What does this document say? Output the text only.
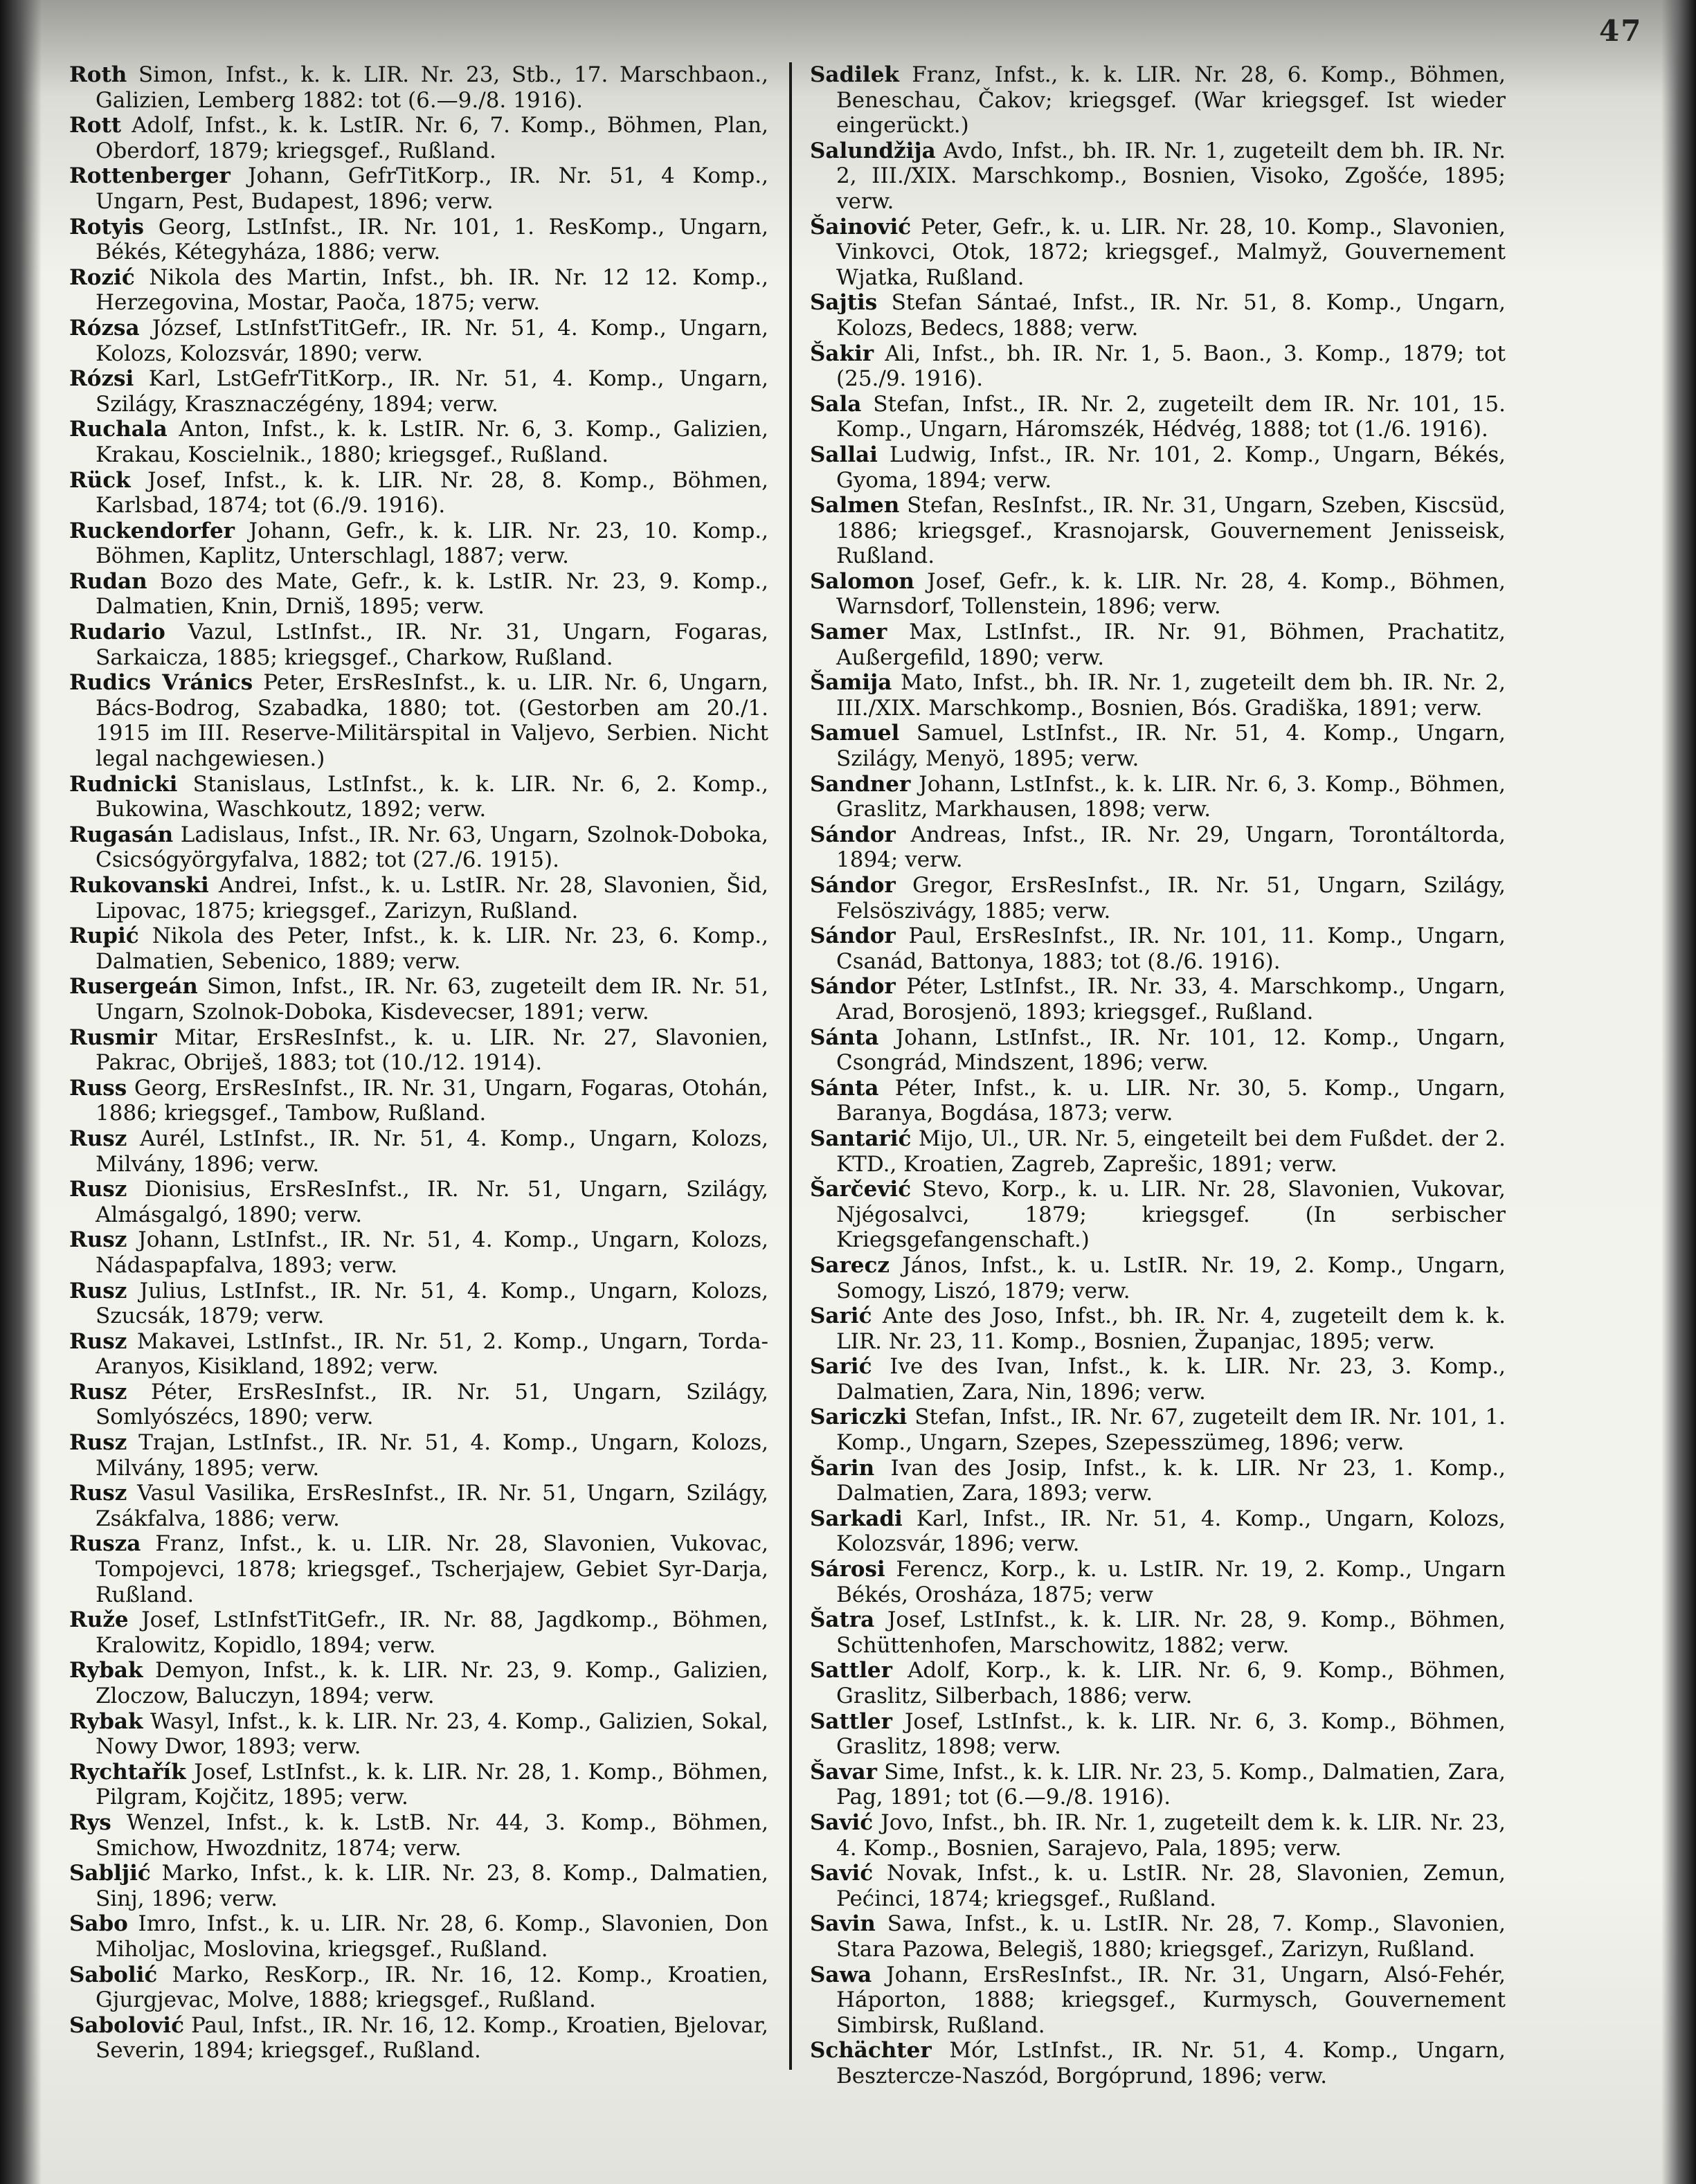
47

Roth Simon, Infst., k. k. LIR. Nr. 23, Stb., 17. Marschbaon., Galizien, Lemberg 1882: tot (6.—9./8. 1916).

Rott Adolf, Infst., k. k. LstIR. Nr. 6, 7. Komp., Böhmen, Plan, Oberdorf, 1879; kriegsgef., Rußland.

Rottenberger Johann, GefrTitKorp., IR. Nr. 51, 4 Komp., Ungarn, Pest, Budapest, 1896; verw.

Rotyis Georg, LstInfst., IR. Nr. 101, 1. ResKomp., Ungarn, Békés, Kétegyháza, 1886; verw.

Rozić Nikola des Martin, Infst., bh. IR. Nr. 12 12. Komp., Herzegovina, Mostar, Paoča, 1875; verw.

Rózsa József, LstInfstTitGefr., IR. Nr. 51, 4. Komp., Ungarn, Kolozs, Kolozsvár, 1890; verw.

Rózsi Karl, LstGefrTitKorp., IR. Nr. 51, 4. Komp., Ungarn, Szilágy, Krasznaczégény, 1894; verw.

Ruchala Anton, Infst., k. k. LstIR. Nr. 6, 3. Komp., Galizien, Krakau, Koscielnik., 1880; kriegsgef., Rußland.

Rück Josef, Infst., k. k. LIR. Nr. 28, 8. Komp., Böhmen, Karlsbad, 1874; tot (6./9. 1916).

Ruckendorfer Johann, Gefr., k. k. LIR. Nr. 23, 10. Komp., Böhmen, Kaplitz, Unterschlagl, 1887; verw.

Rudan Bozo des Mate, Gefr., k. k. LstIR. Nr. 23, 9. Komp., Dalmatien, Knin, Drniš, 1895; verw.

Rudario Vazul, LstInfst., IR. Nr. 31, Ungarn, Fogaras, Sarkaicza, 1885; kriegsgef., Charkow, Rußland.

Rudics Vránics Peter, ErsResInfst., k. u. LIR. Nr. 6, Ungarn, Bács-Bodrog, Szabadka, 1880; tot. (Gestorben am 20./1. 1915 im III. Reserve-Militärspital in Valjevo, Serbien. Nicht legal nachgewiesen.)

Rudnicki Stanislaus, LstInfst., k. k. LIR. Nr. 6, 2. Komp., Bukowina, Waschkoutz, 1892; verw.

Rugasán Ladislaus, Infst., IR. Nr. 63, Ungarn, Szolnok-Doboka, Csicsógyörgyfalva, 1882; tot (27./6. 1915).

Rukovanski Andrei, Infst., k. u. LstIR. Nr. 28, Slavonien, Šid, Lipovac, 1875; kriegsgef., Zarizyn, Rußland.

Rupić Nikola des Peter, Infst., k. k. LIR. Nr. 23, 6. Komp., Dalmatien, Sebenico, 1889; verw.

Rusergeán Simon, Infst., IR. Nr. 63, zugeteilt dem IR. Nr. 51, Ungarn, Szolnok-Doboka, Kisdevecser, 1891; verw.

Rusmir Mitar, ErsResInfst., k. u. LIR. Nr. 27, Slavonien, Pakrac, Obriješ, 1883; tot (10./12. 1914).

Russ Georg, ErsResInfst., IR. Nr. 31, Ungarn, Fogaras, Otohán, 1886; kriegsgef., Tambow, Rußland.

Rusz Aurél, LstInfst., IR. Nr. 51, 4. Komp., Ungarn, Kolozs, Milvány, 1896; verw.

Rusz Dionisius, ErsResInfst., IR. Nr. 51, Ungarn, Szilágy, Almásgalgó, 1890; verw.

Rusz Johann, LstInfst., IR. Nr. 51, 4. Komp., Ungarn, Kolozs, Nádaspapfalva, 1893; verw.

Rusz Julius, LstInfst., IR. Nr. 51, 4. Komp., Ungarn, Kolozs, Szucsák, 1879; verw.

Rusz Makavei, LstInfst., IR. Nr. 51, 2. Komp., Ungarn, Torda-Aranyos, Kisikland, 1892; verw.

Rusz Péter, ErsResInfst., IR. Nr. 51, Ungarn, Szilágy, Somlyószécs, 1890; verw.

Rusz Trajan, LstInfst., IR. Nr. 51, 4. Komp., Ungarn, Kolozs, Milvány, 1895; verw.

Rusz Vasul Vasilika, ErsResInfst., IR. Nr. 51, Ungarn, Szilágy, Zsákfalva, 1886; verw.

Rusza Franz, Infst., k. u. LIR. Nr. 28, Slavonien, Vukovac, Tompojevci, 1878; kriegsgef., Tscherjajew, Gebiet Syr-Darja, Rußland.

Ruže Josef, LstInfstTitGefr., IR. Nr. 88, Jagdkomp., Böhmen, Kralowitz, Kopidlo, 1894; verw.

Rybak Demyon, Infst., k. k. LIR. Nr. 23, 9. Komp., Galizien, Zloczow, Baluczyn, 1894; verw.

Rybak Wasyl, Infst., k. k. LIR. Nr. 23, 4. Komp., Galizien, Sokal, Nowy Dwor, 1893; verw.

Rychtařík Josef, LstInfst., k. k. LIR. Nr. 28, 1. Komp., Böhmen, Pilgram, Kojčitz, 1895; verw.

Rys Wenzel, Infst., k. k. LstB. Nr. 44, 3. Komp., Böhmen, Smichow, Hwozdnitz, 1874; verw.

Sabljić Marko, Infst., k. k. LIR. Nr. 23, 8. Komp., Dalmatien, Sinj, 1896; verw.

Sabo Imro, Infst., k. u. LIR. Nr. 28, 6. Komp., Slavonien, Don Miholjac, Moslovina, kriegsgef., Rußland.

Sabolić Marko, ResKorp., IR. Nr. 16, 12. Komp., Kroatien, Gjurgjevac, Molve, 1888; kriegsgef., Rußland.

Sabolović Paul, Infst., IR. Nr. 16, 12. Komp., Kroatien, Bjelovar, Severin, 1894; kriegsgef., Rußland.

Sadilek Franz, Infst., k. k. LIR. Nr. 28, 6. Komp., Böhmen, Beneschau, Čakov; kriegsgef. (War kriegsgef. Ist wieder eingerückt.)

Salundžija Avdo, Infst., bh. IR. Nr. 1, zugeteilt dem bh. IR. Nr. 2, III./XIX. Marschkomp., Bosnien, Visoko, Zgošće, 1895; verw.

Šainović Peter, Gefr., k. u. LIR. Nr. 28, 10. Komp., Slavonien, Vinkovci, Otok, 1872; kriegsgef., Malmyž, Gouvernement Wjatka, Rußland.

Sajtis Stefan Sántaé, Infst., IR. Nr. 51, 8. Komp., Ungarn, Kolozs, Bedecs, 1888; verw.

Šakir Ali, Infst., bh. IR. Nr. 1, 5. Baon., 3. Komp., 1879; tot (25./9. 1916).

Sala Stefan, Infst., IR. Nr. 2, zugeteilt dem IR. Nr. 101, 15. Komp., Ungarn, Háromszék, Hédvég, 1888; tot (1./6. 1916).

Sallai Ludwig, Infst., IR. Nr. 101, 2. Komp., Ungarn, Békés, Gyoma, 1894; verw.

Salmen Stefan, ResInfst., IR. Nr. 31, Ungarn, Szeben, Kiscsüd, 1886; kriegsgef., Krasnojarsk, Gouvernement Jenisseisk, Rußland.

Salomon Josef, Gefr., k. k. LIR. Nr. 28, 4. Komp., Böhmen, Warnsdorf, Tollenstein, 1896; verw.

Samer Max, LstInfst., IR. Nr. 91, Böhmen, Prachatitz, Außergefild, 1890; verw.

Šamija Mato, Infst., bh. IR. Nr. 1, zugeteilt dem bh. IR. Nr. 2, III./XIX. Marschkomp., Bosnien, Bós. Gradiška, 1891; verw.

Samuel Samuel, LstInfst., IR. Nr. 51, 4. Komp., Ungarn, Szilágy, Menyö, 1895; verw.

Sandner Johann, LstInfst., k. k. LIR. Nr. 6, 3. Komp., Böhmen, Graslitz, Markhausen, 1898; verw.

Sándor Andreas, Infst., IR. Nr. 29, Ungarn, Torontáltorda, 1894; verw.

Sándor Gregor, ErsResInfst., IR. Nr. 51, Ungarn, Szilágy, Felsöszivágy, 1885; verw.

Sándor Paul, ErsResInfst., IR. Nr. 101, 11. Komp., Ungarn, Csanád, Battonya, 1883; tot (8./6. 1916).

Sándor Péter, LstInfst., IR. Nr. 33, 4. Marschkomp., Ungarn, Arad, Borosjenö, 1893; kriegsgef., Rußland.

Sánta Johann, LstInfst., IR. Nr. 101, 12. Komp., Ungarn, Csongrád, Mindszent, 1896; verw.

Sánta Péter, Infst., k. u. LIR. Nr. 30, 5. Komp., Ungarn, Baranya, Bogdása, 1873; verw.

Santarić Mijo, Ul., UR. Nr. 5, eingeteilt bei dem Fußdet. der 2. KTD., Kroatien, Zagreb, Zaprešic, 1891; verw.

Šarčević Stevo, Korp., k. u. LIR. Nr. 28, Slavonien, Vukovar, Njégosalvci, 1879; kriegsgef. (In serbischer Kriegsgefangenschaft.)

Sarecz János, Infst., k. u. LstIR. Nr. 19, 2. Komp., Ungarn, Somogy, Liszó, 1879; verw.

Sarić Ante des Joso, Infst., bh. IR. Nr. 4, zugeteilt dem k. k. LIR. Nr. 23, 11. Komp., Bosnien, Županjac, 1895; verw.

Sarić Ive des Ivan, Infst., k. k. LIR. Nr. 23, 3. Komp., Dalmatien, Zara, Nin, 1896; verw.

Sariczki Stefan, Infst., IR. Nr. 67, zugeteilt dem IR. Nr. 101, 1. Komp., Ungarn, Szepes, Szepesszümeg, 1896; verw.

Šarin Ivan des Josip, Infst., k. k. LIR. Nr 23, 1. Komp., Dalmatien, Zara, 1893; verw.

Sarkadi Karl, Infst., IR. Nr. 51, 4. Komp., Ungarn, Kolozs, Kolozsvár, 1896; verw.

Sárosi Ferencz, Korp., k. u. LstIR. Nr. 19, 2. Komp., Ungarn Békés, Orosháza, 1875; verw

Šatra Josef, LstInfst., k. k. LIR. Nr. 28, 9. Komp., Böhmen, Schüttenhofen, Marschowitz, 1882; verw.

Sattler Adolf, Korp., k. k. LIR. Nr. 6, 9. Komp., Böhmen, Graslitz, Silberbach, 1886; verw.

Sattler Josef, LstInfst., k. k. LIR. Nr. 6, 3. Komp., Böhmen, Graslitz, 1898; verw.

Šavar Sime, Infst., k. k. LIR. Nr. 23, 5. Komp., Dalmatien, Zara, Pag, 1891; tot (6.—9./8. 1916).

Savić Jovo, Infst., bh. IR. Nr. 1, zugeteilt dem k. k. LIR. Nr. 23, 4. Komp., Bosnien, Sarajevo, Pala, 1895; verw.

Savić Novak, Infst., k. u. LstIR. Nr. 28, Slavonien, Zemun, Pećinci, 1874; kriegsgef., Rußland.

Savin Sawa, Infst., k. u. LstIR. Nr. 28, 7. Komp., Slavonien, Stara Pazowa, Belegiš, 1880; kriegsgef., Zarizyn, Rußland.

Sawa Johann, ErsResInfst., IR. Nr. 31, Ungarn, Alsó-Fehér, Háporton, 1888; kriegsgef., Kurmysch, Gouvernement Simbirsk, Rußland.

Schächter Mór, LstInfst., IR. Nr. 51, 4. Komp., Ungarn, Besztercze-Naszód, Borgóprund, 1896; verw.
